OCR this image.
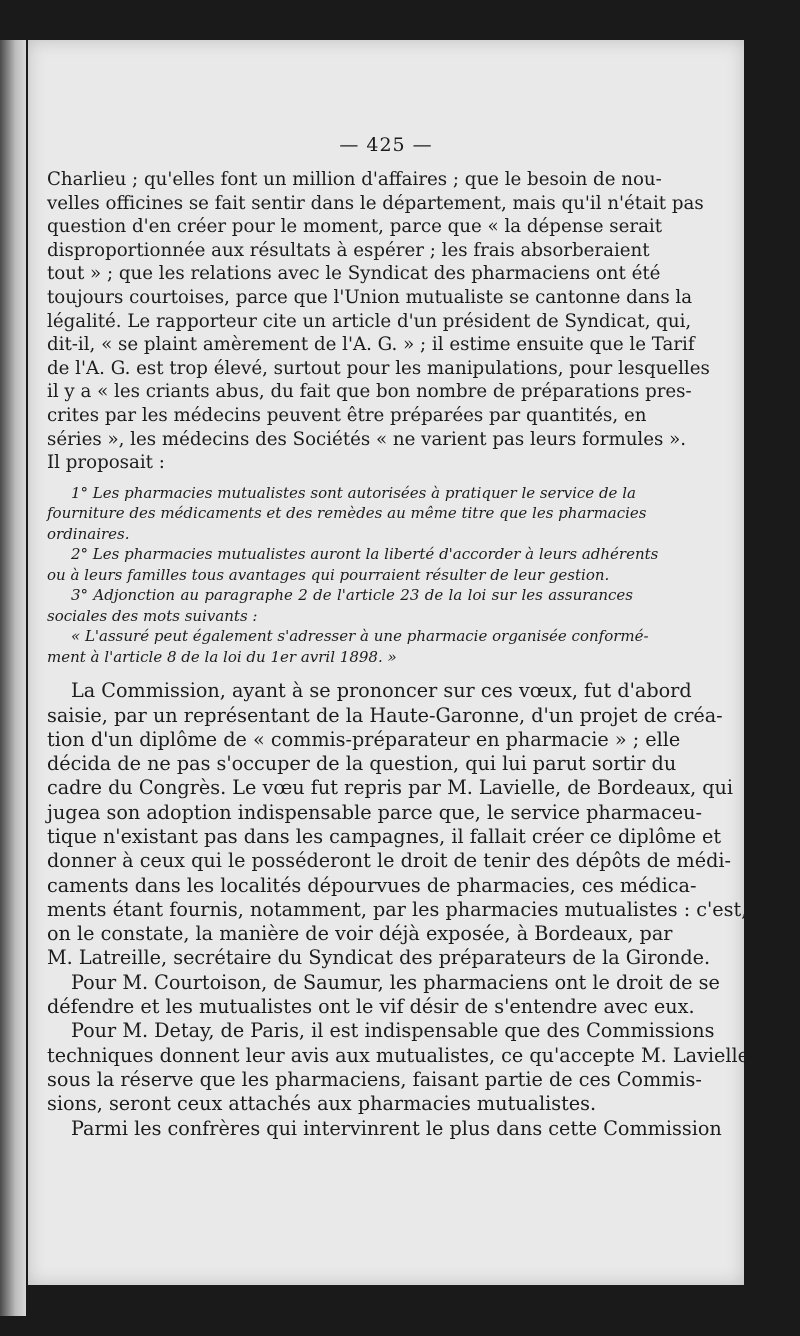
— 425 —

Charlieu ; qu'elles font un million d'affaires ; que le besoin de nou-
velles officines se fait sentir dans le département, mais qu'il n'était pas
question d'en créer pour le moment, parce que « la dépense serait
disproportionnée aux résultats à espérer ; les frais absorberaient
tout » ; que les relations avec le Syndicat des pharmaciens ont été
toujours courtoises, parce que l'Union mutualiste se cantonne dans la
légalité. Le rapporteur cite un article d'un président de Syndicat, qui,
dit-il, « se plaint amèrement de l'A. G. » ; il estime ensuite que le Tarif
de l'A. G. est trop élevé, surtout pour les manipulations, pour lesquelles
il y a « les criants abus, du fait que bon nombre de préparations pres-
crites par les médecins peuvent être préparées par quantités, en
séries », les médecins des Sociétés « ne varient pas leurs formules ».
Il proposait :

1° Les pharmacies mutualistes sont autorisées à pratiquer le service de la
fourniture des médicaments et des remèdes au même titre que les pharmacies
ordinaires.

2° Les pharmacies mutualistes auront la liberté d'accorder à leurs adhérents
ou à leurs familles tous avantages qui pourraient résulter de leur gestion.

3° Adjonction au paragraphe 2 de l'article 23 de la loi sur les assurances
sociales des mots suivants :

« L'assuré peut également s'adresser à une pharmacie organisée conformé-
ment à l'article 8 de la loi du 1er avril 1898. »

La Commission, ayant à se prononcer sur ces vœux, fut d'abord
saisie, par un représentant de la Haute-Garonne, d'un projet de créa-
tion d'un diplôme de « commis-préparateur en pharmacie » ; elle
décida de ne pas s'occuper de la question, qui lui parut sortir du
cadre du Congrès. Le vœu fut repris par M. Lavielle, de Bordeaux, qui
jugea son adoption indispensable parce que, le service pharmaceu-
tique n'existant pas dans les campagnes, il fallait créer ce diplôme et
donner à ceux qui le posséderont le droit de tenir des dépôts de médi-
caments dans les localités dépourvues de pharmacies, ces médica-
ments étant fournis, notamment, par les pharmacies mutualistes : c'est,
on le constate, la manière de voir déjà exposée, à Bordeaux, par
M. Latreille, secrétaire du Syndicat des préparateurs de la Gironde.

Pour M. Courtoison, de Saumur, les pharmaciens ont le droit de se
défendre et les mutualistes ont le vif désir de s'entendre avec eux.

Pour M. Detay, de Paris, il est indispensable que des Commissions
techniques donnent leur avis aux mutualistes, ce qu'accepte M. Lavielle,
sous la réserve que les pharmaciens, faisant partie de ces Commis-
sions, seront ceux attachés aux pharmacies mutualistes.

Parmi les confrères qui intervinrent le plus dans cette Commission
